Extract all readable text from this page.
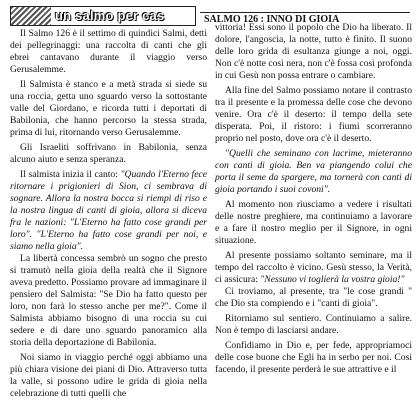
un salmo per cas	SALMO 126 : INNO DI GIOIA

Il Salmo 126 è il settimo di quindici Salmi, detti dei pellegrinaggi: una raccolta di canti che gli ebrei cantavano durante il viaggio verso Gerusalemme.

Il Salmista è stanco e a metà strada si siede su una roccia, getta uno sguardo verso la sottostante valle del Giordano, e ricorda tutti i deportati di Babilonia, che hanno percorso la stessa strada, prima di lui, ritornando verso Gerusalemme.

Gli Israeliti soffrivano in Babilonia, senza alcuno aiuto e senza speranza.

Il salmista inizia il canto: "Quando l'Eterno fece ritornare i prigionieri di Sion, ci sembrava di sognare. Allora la nostra bocca si riempì di riso e la nostra lingua di canti di gioia, allora si diceva fra le nazioni: "L'Eterno ha fatto cose grandi per loro". "L'Eterno ha fatto cose grandi per noi, e siamo nella gioia".

La libertà concessa sembrò un sogno che presto si tramutò nella gioia della realtà che il Signore aveva predetto. Possiamo provare ad immaginare il pensiero del Salmista: "Se Dio ha fatto questo per loro, non farà lo stesso anche per me?". Come il Salmista abbiamo bisogno di una roccia su cui sedere e di dare uno sguardo panoramico alla storia della deportazione di Babilonia.

Noi siamo in viaggio perché oggi abbiamo una più chiara visione dei piani di Dio. Attraverso tutta la valle, si possono udire le grida di gioia nella celebrazione di tutti quelli che

vittoria! Essi sono il popolo che Dio ha liberato. Il dolore, l'angoscia, la notte, tutto è finito. Il suono delle loro grida di esultanza giunge a noi, oggi. Non c'è notte così nera, non c'è fossa così profonda in cui Gesù non possa entrare o cambiare.

Alla fine del Salmo possiamo notare il contrasto tra il presente e la promessa delle cose che devono venire. Ora c'è il deserto: il tempo della sete disperata. Poi, il ristoro: i fiumi scorreranno proprio nel posto, dove ora c'è il deserto.

"Quelli che seminano con lacrime, mieteranno con canti di gioia. Ben va piangendo colui che porta il seme da spargere, ma tornerà con canti di gioia portando i suoi covoni".

Al momento non riusciamo a vedere i risultati delle nostre preghiere, ma continuiamo a lavorare e a fare il nostro meglio per il Signore, in ogni situazione.

Al presente possiamo soltanto seminare, ma il tempo del raccolto è vicino. Gesù stesso, la Verità, ci assicura: "Nessuno vi toglierà la vostra gioia!"

Ci troviamo, al presente, tra "le cose grandi " che Dio sta compiendo e i "canti di gioia".

Ritorniamo sul sentiero. Continuiamo a salire. Non è tempo di lasciarsi andare.

Confidiamo in Dio e, per fede, appropriamoci delle cose buone che Egli ha in serbo per noi. Così facendo, il presente perderà le sue attrattive e il
